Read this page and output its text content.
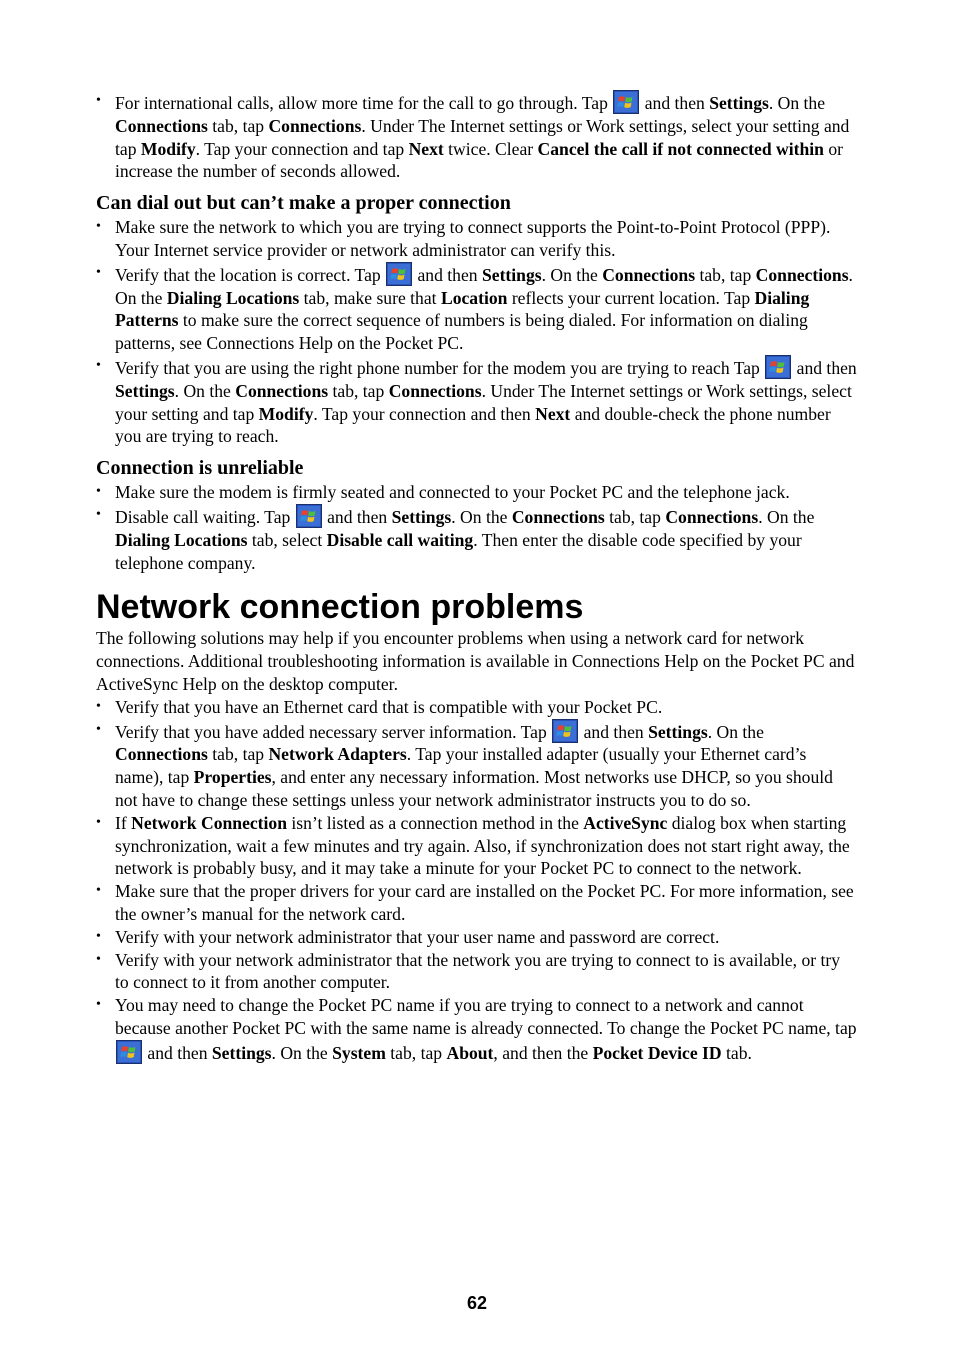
• For international calls, allow more time for the call to go through. Tap  and then Settings. On the Connections tab, tap Connections. Under The Internet settings or Work settings, select your setting and tap Modify. Tap your connection and tap Next twice. Clear Cancel the call if not connected within or increase the number of seconds allowed.
Can dial out but can’t make a proper connection
• Make sure the network to which you are trying to connect supports the Point-to-Point Protocol (PPP). Your Internet service provider or network administrator can verify this.
• Verify that the location is correct. Tap  and then Settings. On the Connections tab, tap Connections. On the Dialing Locations tab, make sure that Location reflects your current location. Tap Dialing Patterns to make sure the correct sequence of numbers is being dialed. For information on dialing patterns, see Connections Help on the Pocket PC.
• Verify that you are using the right phone number for the modem you are trying to reach Tap  and then Settings. On the Connections tab, tap Connections. Under The Internet settings or Work settings, select your setting and tap Modify. Tap your connection and then Next and double-check the phone number you are trying to reach.
Connection is unreliable
• Make sure the modem is firmly seated and connected to your Pocket PC and the telephone jack.
• Disable call waiting. Tap  and then Settings. On the Connections tab, tap Connections. On the Dialing Locations tab, select Disable call waiting. Then enter the disable code specified by your telephone company.
Network connection problems

The following solutions may help if you encounter problems when using a network card for network connections. Additional troubleshooting information is available in Connections Help on the Pocket PC and ActiveSync Help on the desktop computer.

• Verify that you have an Ethernet card that is compatible with your Pocket PC.
• Verify that you have added necessary server information. Tap  and then Settings. On the Connections tab, tap Network Adapters. Tap your installed adapter (usually your Ethernet card’s name), tap Properties, and enter any necessary information. Most networks use DHCP, so you should not have to change these settings unless your network administrator instructs you to do so.
• If Network Connection isn’t listed as a connection method in the ActiveSync dialog box when starting synchronization, wait a few minutes and try again. Also, if synchronization does not start right away, the network is probably busy, and it may take a minute for your Pocket PC to connect to the network.
• Make sure that the proper drivers for your card are installed on the Pocket PC. For more information, see the owner’s manual for the network card.
• Verify with your network administrator that your user name and password are correct.
• Verify with your network administrator that the network you are trying to connect to is available, or try to connect to it from another computer.
• You may need to change the Pocket PC name if you are trying to connect to a network and cannot because another Pocket PC with the same name is already connected. To change the Pocket PC name, tap  and then Settings. On the System tab, tap About, and then the Pocket Device ID tab.
62
